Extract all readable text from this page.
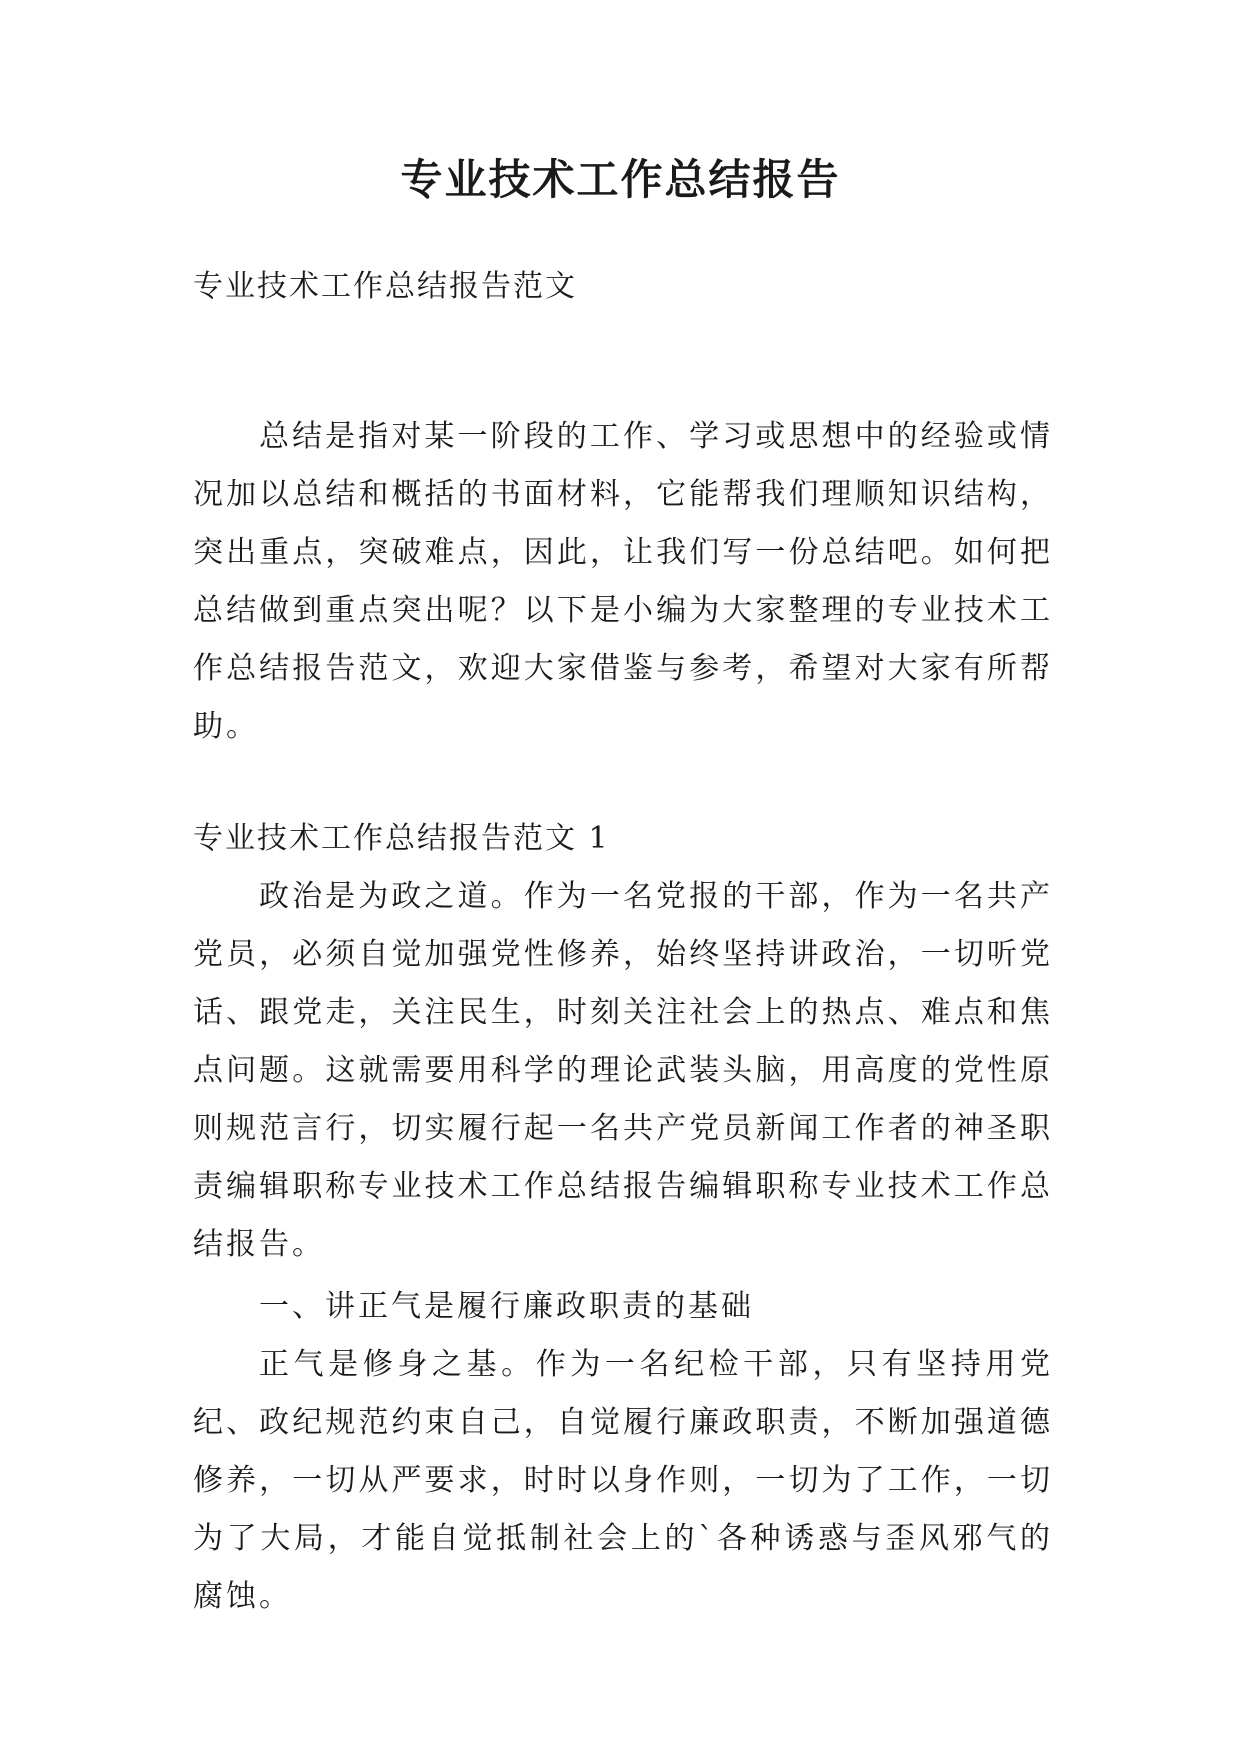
专业技术工作总结报告

专业技术工作总结报告范文

总结是指对某一阶段的工作、学习或思想中的经验或情况加以总结和概括的书面材料，它能帮我们理顺知识结构，突出重点，突破难点，因此，让我们写一份总结吧。如何把总结做到重点突出呢？以下是小编为大家整理的专业技术工作总结报告范文，欢迎大家借鉴与参考，希望对大家有所帮助。

专业技术工作总结报告范文 1

政治是为政之道。作为一名党报的干部，作为一名共产党员，必须自觉加强党性修养，始终坚持讲政治，一切听党话、跟党走，关注民生，时刻关注社会上的热点、难点和焦点问题。这就需要用科学的理论武装头脑，用高度的党性原则规范言行，切实履行起一名共产党员新闻工作者的神圣职责编辑职称专业技术工作总结报告编辑职称专业技术工作总结报告。

一、讲正气是履行廉政职责的基础

正气是修身之基。作为一名纪检干部，只有坚持用党纪、政纪规范约束自己，自觉履行廉政职责，不断加强道德修养，一切从严要求，时时以身作则，一切为了工作，一切为了大局，才能自觉抵制社会上的`各种诱惑与歪风邪气的腐蚀。
